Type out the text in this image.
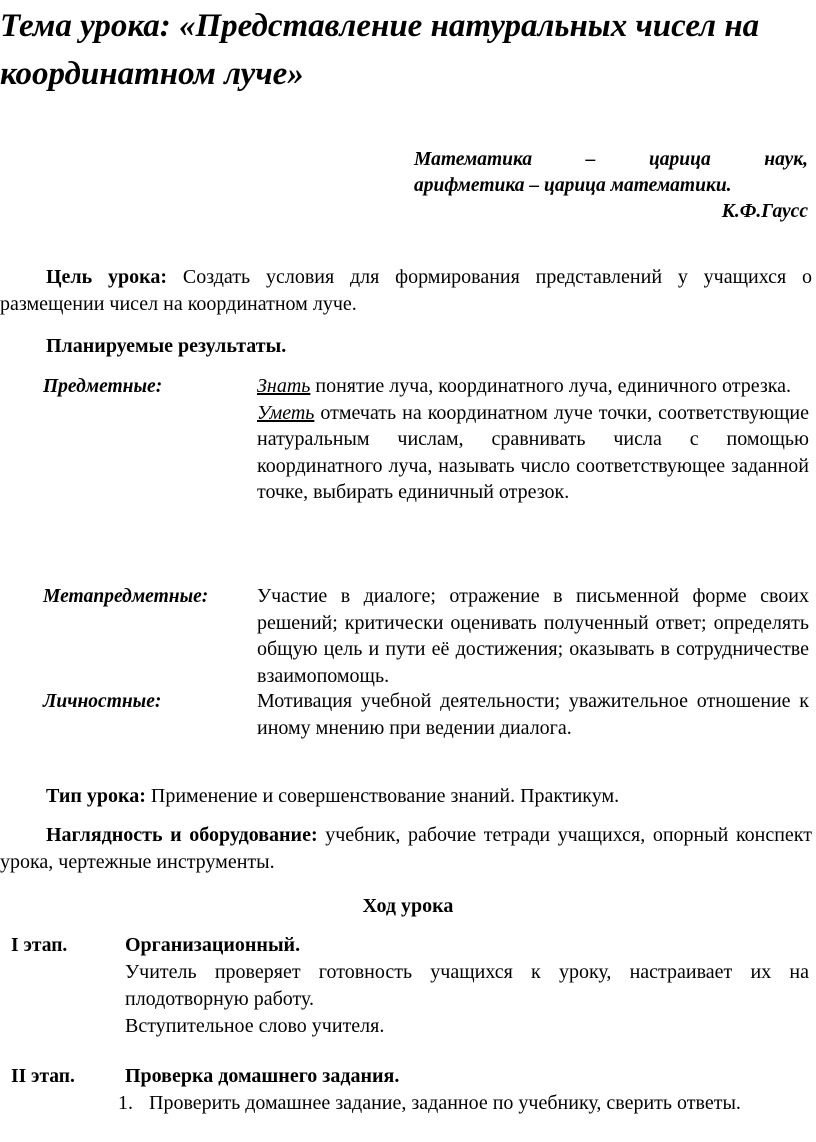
Тема урока: «Представление натуральных чисел на координатном луче»
Математика – царица наук,
арифметика – царица математики.
К.Ф.Гаусс
Цель урока: Создать условия для формирования представлений у учащихся о размещении чисел на координатном луче.
Планируемые результаты.
Предметные:	Знать понятие луча, координатного луча, единичного отрезка.
Уметь отмечать на координатном луче точки, соответствующие натуральным числам, сравнивать числа с помощью координатного луча, называть число соответствующее заданной точке, выбирать единичный отрезок.
Метапредметные: Участие в диалоге; отражение в письменной форме своих решений; критически оценивать полученный ответ; определять общую цель и пути её достижения; оказывать в сотрудничестве взаимопомощь.
Личностные:	Мотивация учебной деятельности; уважительное отношение к иному мнению при ведении диалога.
Тип урока: Применение и совершенствование знаний. Практикум.
Наглядность и оборудование: учебник, рабочие тетради учащихся, опорный конспект урока, чертежные инструменты.
Ход урока
I этап.	Организационный.
Учитель проверяет готовность учащихся к уроку, настраивает их на плодотворную работу.
Вступительное слово учителя.
II этап.	Проверка домашнего задания.
1. Проверить домашнее задание, заданное по учебнику, сверить ответы.
